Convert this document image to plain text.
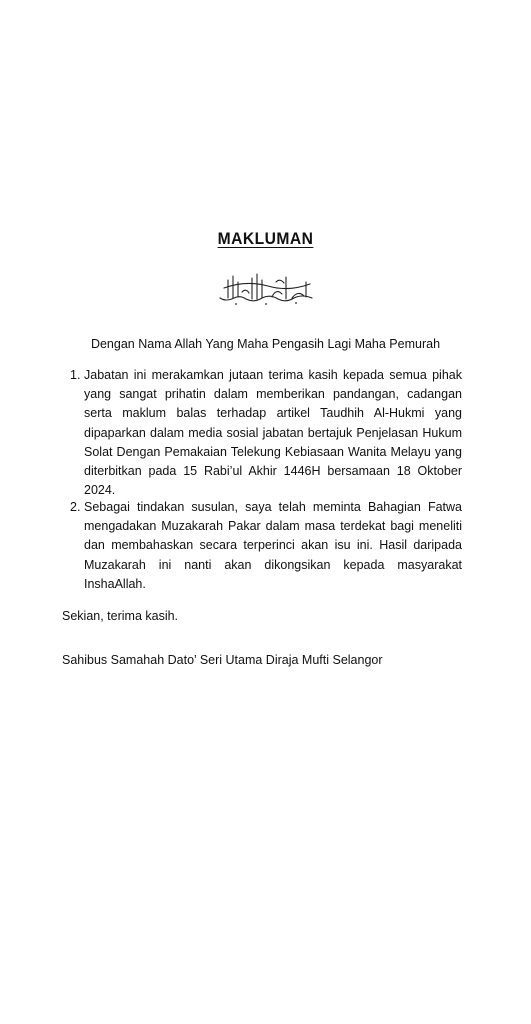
MAKLUMAN
Dengan Nama Allah Yang Maha Pengasih Lagi Maha Pemurah
1. Jabatan ini merakamkan jutaan terima kasih kepada semua pihak yang sangat prihatin dalam memberikan pandangan, cadangan serta maklum balas terhadap artikel Taudhih Al-Hukmi yang dipaparkan dalam media sosial jabatan bertajuk Penjelasan Hukum Solat Dengan Pemakaian Telekung Kebiasaan Wanita Melayu yang diterbitkan pada 15 Rabi’ul Akhir 1446H bersamaan 18 Oktober 2024.
2. Sebagai tindakan susulan, saya telah meminta Bahagian Fatwa mengadakan Muzakarah Pakar dalam masa terdekat bagi meneliti dan membahaskan secara terperinci akan isu ini. Hasil daripada Muzakarah ini nanti akan dikongsikan kepada masyarakat InshaAllah.
Sekian, terima kasih.
Sahibus Samahah Dato’ Seri Utama Diraja Mufti Selangor
